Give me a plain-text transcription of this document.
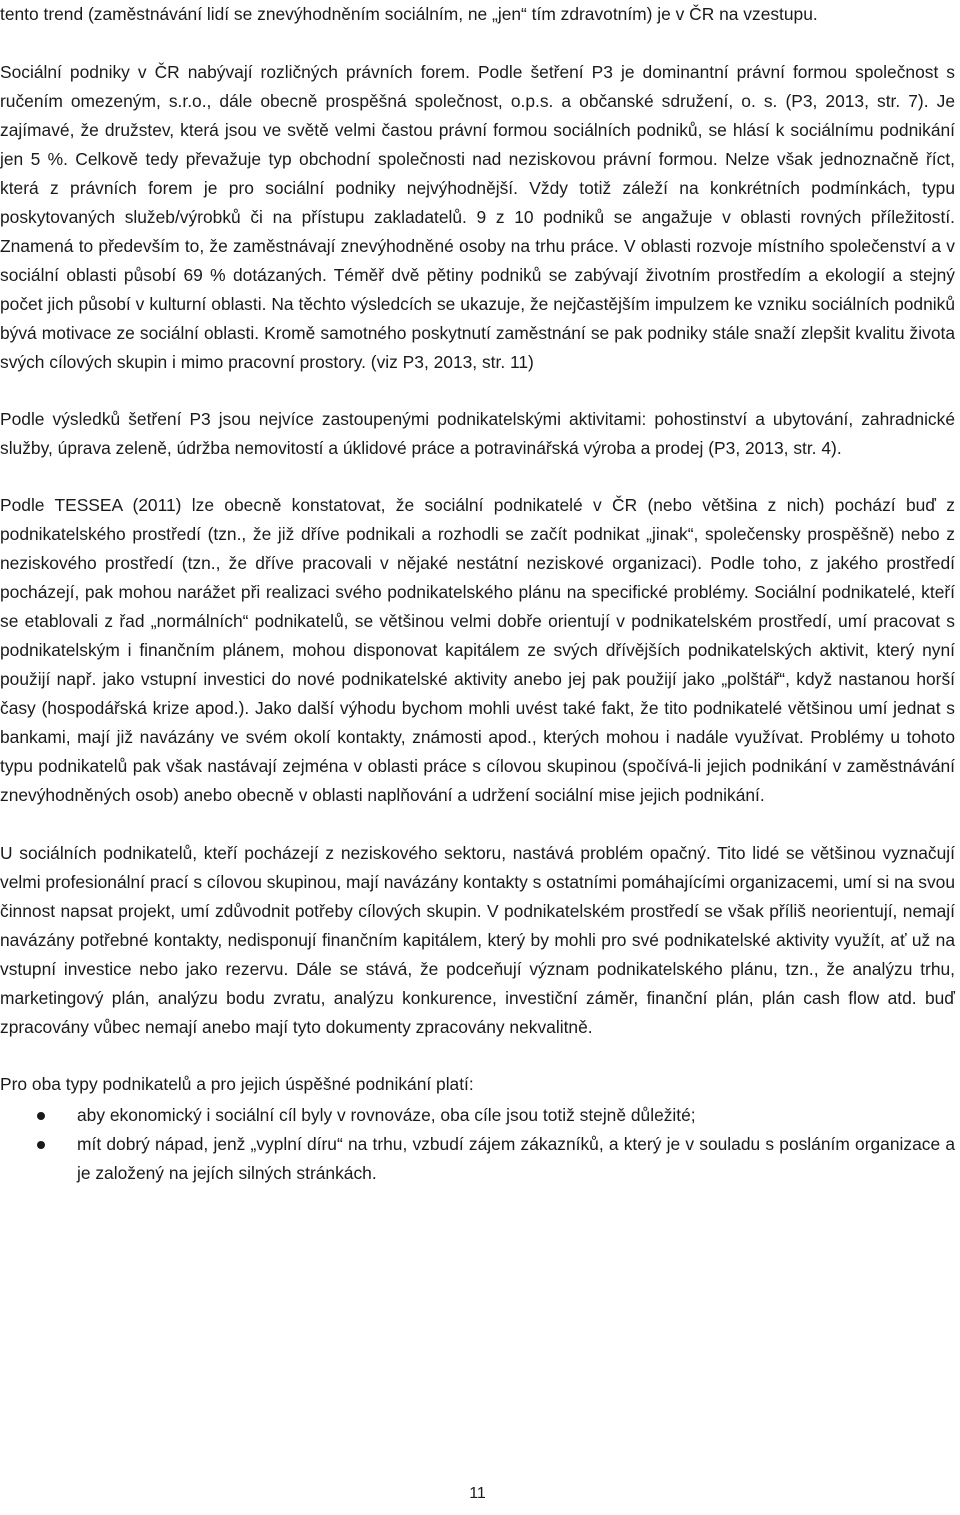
tento trend (zaměstnávání lidí se znevýhodněním sociálním, ne „jen“ tím zdravotním) je v ČR na vzestupu.

Sociální podniky v ČR nabývají rozličných právních forem. Podle šetření P3 je dominantní právní formou společnost s ručením omezeným, s.r.o., dále obecně prospěšná společnost, o.p.s. a občanské sdružení, o. s. (P3, 2013, str. 7). Je zajímavé, že družstev, která jsou ve světě velmi častou právní formou sociálních podniků, se hlásí k sociálnímu podnikání jen 5 %. Celkově tedy převažuje typ obchodní společnosti nad neziskovou právní formou. Nelze však jednoznačně říct, která z právních forem je pro sociální podniky nejvýhodnější. Vždy totiž záleží na konkrétních podmínkách, typu poskytovaných služeb/výrobků či na přístupu zakladatelů. 9 z 10 podniků se angažuje v oblasti rovných příležitostí. Znamená to především to, že zaměstnávají znevýhodněné osoby na trhu práce. V oblasti rozvoje místního společenství a v sociální oblasti působí 69 % dotázaných. Téměř dvě pětiny podniků se zabývají životním prostředím a ekologií a stejný počet jich působí v kulturní oblasti. Na těchto výsledcích se ukazuje, že nejčastějším impulzem ke vzniku sociálních podniků bývá motivace ze sociální oblasti. Kromě samotného poskytnutí zaměstnání se pak podniky stále snaží zlepšit kvalitu života svých cílových skupin i mimo pracovní prostory. (viz P3, 2013, str. 11)

Podle výsledků šetření P3 jsou nejvíce zastoupenými podnikatelskými aktivitami: pohostinství a ubytování, zahradnické služby, úprava zeleně, údržba nemovitostí a úklidové práce a potravinářská výroba a prodej (P3, 2013, str. 4).

Podle TESSEA (2011) lze obecně konstatovat, že sociální podnikatelé v ČR (nebo většina z nich) pochází buď z podnikatelského prostředí (tzn., že již dříve podnikali a rozhodli se začít podnikat „jinak“, společensky prospěšně) nebo z neziskového prostředí (tzn., že dříve pracovali v nějaké nestátní neziskové organizaci). Podle toho, z jakého prostředí pocházejí, pak mohou narážet při realizaci svého podnikatelského plánu na specifické problémy. Sociální podnikatelé, kteří se etablovali z řad „normálních“ podnikatelů, se většinou velmi dobře orientují v podnikatelském prostředí, umí pracovat s podnikatelským i finančním plánem, mohou disponovat kapitálem ze svých dřívějších podnikatelských aktivit, který nyní použijí např. jako vstupní investici do nové podnikatelské aktivity anebo jej pak použijí jako „polštář“, když nastanou horší časy (hospodářská krize apod.). Jako další výhodu bychom mohli uvést také fakt, že tito podnikatelé většinou umí jednat s bankami, mají již navázány ve svém okolí kontakty, známosti apod., kterých mohou i nadále využívat. Problémy u tohoto typu podnikatelů pak však nastávají zejména v oblasti práce s cílovou skupinou (spočívá-li jejich podnikání v zaměstnávání znevýhodněných osob) anebo obecně v oblasti naplňování a udržení sociální mise jejich podnikání.

U sociálních podnikatelů, kteří pocházejí z neziskového sektoru, nastává problém opačný. Tito lidé se většinou vyznačují velmi profesionální prací s cílovou skupinou, mají navázány kontakty s ostatními pomáhajícími organizacemi, umí si na svou činnost napsat projekt, umí zdůvodnit potřeby cílových skupin. V podnikatelském prostředí se však příliš neorientují, nemají navázány potřebné kontakty, nedisponují finančním kapitálem, který by mohli pro své podnikatelské aktivity využít, ať už na vstupní investice nebo jako rezervu. Dále se stává, že podceňují význam podnikatelského plánu, tzn., že analýzu trhu, marketingový plán, analýzu bodu zvratu, analýzu konkurence, investiční záměr, finanční plán, plán cash flow atd. buď zpracovány vůbec nemají anebo mají tyto dokumenty zpracovány nekvalitně.

Pro oba typy podnikatelů a pro jejich úspěšné podnikání platí:

aby ekonomický i sociální cíl byly v rovnováze, oba cíle jsou totiž stejně důležité;
mít dobrý nápad, jenž „vyplní díru“ na trhu, vzbudí zájem zákazníků, a který je v souladu s posláním organizace a je založený na jejích silných stránkách.
11
